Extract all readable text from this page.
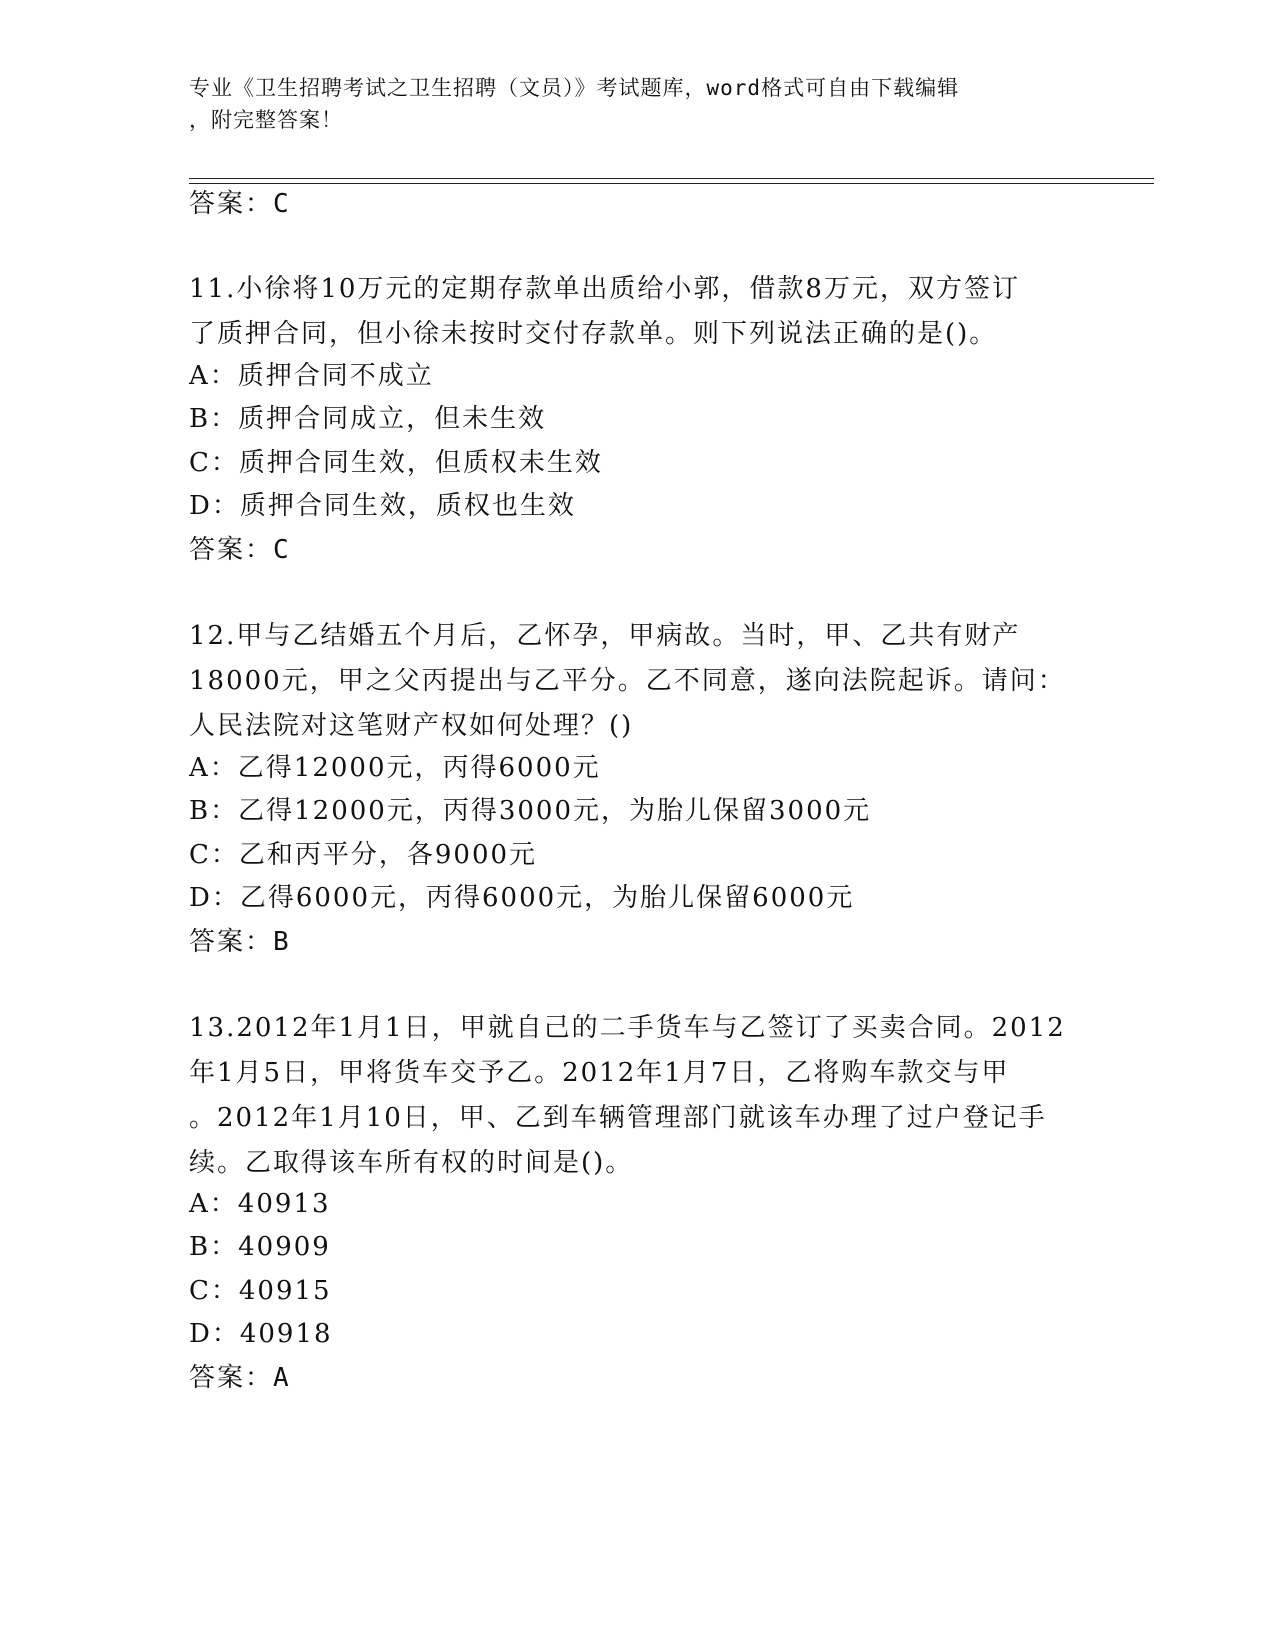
专业《卫生招聘考试之卫生招聘（文员）》考试题库，word格式可自由下载编辑
，附完整答案！
答案：C
11.小徐将10万元的定期存款单出质给小郭，借款8万元，双方签订
了质押合同，但小徐未按时交付存款单。则下列说法正确的是()。
A：质押合同不成立
B：质押合同成立，但未生效
C：质押合同生效，但质权未生效
D：质押合同生效，质权也生效
答案：C
12.甲与乙结婚五个月后，乙怀孕，甲病故。当时，甲、乙共有财产
18000元，甲之父丙提出与乙平分。乙不同意，遂向法院起诉。请问：
人民法院对这笔财产权如何处理？()
A：乙得12000元，丙得6000元
B：乙得12000元，丙得3000元，为胎儿保留3000元
C：乙和丙平分，各9000元
D：乙得6000元，丙得6000元，为胎儿保留6000元
答案：B
13.2012年1月1日，甲就自己的二手货车与乙签订了买卖合同。2012
年1月5日，甲将货车交予乙。2012年1月7日，乙将购车款交与甲
。2012年1月10日，甲、乙到车辆管理部门就该车办理了过户登记手
续。乙取得该车所有权的时间是()。
A：40913
B：40909
C：40915
D：40918
答案：A
